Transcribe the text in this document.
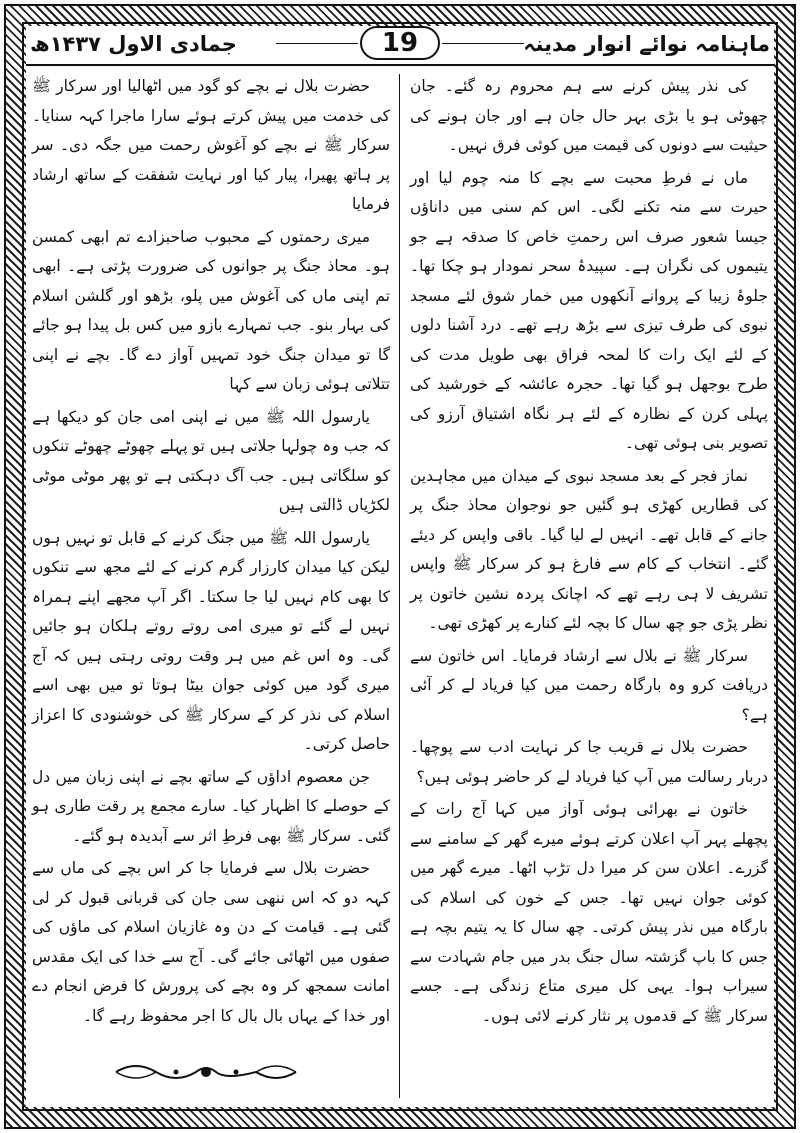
جمادی الاول ۱۴۳۷ھ	19	ماہنامہ نوائے انوار مدینہ

کی نذر پیش کرنے سے ہم محروم رہ گئے۔ جان چھوٹی ہو یا بڑی بہر حال جان ہے اور جان ہونے کی حیثیت سے دونوں کی قیمت میں کوئی فرق نہیں۔

ماں نے فرطِ محبت سے بچے کا منہ چوم لیا اور حیرت سے منہ تکنے لگی۔ اس کم سنی میں داناؤں جیسا شعور صرف اس رحمتِ خاص کا صدقہ ہے جو یتیموں کی نگران ہے۔ سپیدۂ سحر نمودار ہو چکا تھا۔ جلوۂ زیبا کے پروانے آنکھوں میں خمار شوق لئے مسجد نبوی کی طرف تیزی سے بڑھ رہے تھے۔ درد آشنا دلوں کے لئے ایک رات کا لمحہ فراق بھی طویل مدت کی طرح بوجھل ہو گیا تھا۔ حجرہ عائشہ کے خورشید کی پہلی کرن کے نظارہ کے لئے ہر نگاہ اشتیاق آرزو کی تصویر بنی ہوئی تھی۔

نماز فجر کے بعد مسجد نبوی کے میدان میں مجاہدین کی قطاریں کھڑی ہو گئیں جو نوجوان محاذ جنگ پر جانے کے قابل تھے۔ انہیں لے لیا گیا۔ باقی واپس کر دیئے گئے۔ انتخاب کے کام سے فارغ ہو کر سرکار ﷺ واپس تشریف لا ہی رہے تھے کہ اچانک پردہ نشین خاتون پر نظر پڑی جو چھ سال کا بچہ لئے کنارے پر کھڑی تھی۔

سرکار ﷺ نے بلال سے ارشاد فرمایا۔ اس خاتون سے دریافت کرو وہ بارگاہ رحمت میں کیا فریاد لے کر آئی ہے؟

حضرت بلال نے قریب جا کر نہایت ادب سے پوچھا۔ دربار رسالت میں آپ کیا فریاد لے کر حاضر ہوئی ہیں؟

خاتون نے بھرائی ہوئی آواز میں کہا آج رات کے پچھلے پہر آپ اعلان کرتے ہوئے میرے گھر کے سامنے سے گزرے۔ اعلان سن کر میرا دل تڑپ اٹھا۔ میرے گھر میں کوئی جوان نہیں تھا۔ جس کے خون کی اسلام کی بارگاہ میں نذر پیش کرتی۔ چھ سال کا یہ یتیم بچہ ہے جس کا باپ گزشتہ سال جنگ بدر میں جام شہادت سے سیراب ہوا۔ یہی کل میری متاع زندگی ہے۔ جسے سرکار ﷺ کے قدموں پر نثار کرنے لائی ہوں۔

حضرت بلال نے بچے کو گود میں اٹھالیا اور سرکار ﷺ کی خدمت میں پیش کرتے ہوئے سارا ماجرا کہہ سنایا۔ سرکار ﷺ نے بچے کو آغوش رحمت میں جگہ دی۔ سر پر ہاتھ پھیرا، پیار کیا اور نہایت شفقت کے ساتھ ارشاد فرمایا

میری رحمتوں کے محبوب صاحبزادے تم ابھی کمسن ہو۔ محاذ جنگ پر جوانوں کی ضرورت پڑتی ہے۔ ابھی تم اپنی ماں کی آغوش میں پلو، بڑھو اور گلشن اسلام کی بہار بنو۔ جب تمہارے بازو میں کس بل پیدا ہو جائے گا تو میدان جنگ خود تمہیں آواز دے گا۔ بچے نے اپنی تتلاتی ہوئی زبان سے کہا

یارسول اللہ ﷺ میں نے اپنی امی جان کو دیکھا ہے کہ جب وہ چولہا جلاتی ہیں تو پہلے چھوٹے چھوٹے تنکوں کو سلگاتی ہیں۔ جب آگ دہکتی ہے تو پھر موٹی موٹی لکڑیاں ڈالتی ہیں

یارسول اللہ ﷺ میں جنگ کرنے کے قابل تو نہیں ہوں لیکن کیا میدان کارزار گرم کرنے کے لئے مجھ سے تنکوں کا بھی کام نہیں لیا جا سکتا۔ اگر آپ مجھے اپنے ہمراہ نہیں لے گئے تو میری امی روتے روتے ہلکان ہو جائیں گی۔ وہ اس غم میں ہر وقت روتی رہتی ہیں کہ آج میری گود میں کوئی جوان بیٹا ہوتا تو میں بھی اسے اسلام کی نذر کر کے سرکار ﷺ کی خوشنودی کا اعزاز حاصل کرتی۔

جن معصوم اداؤں کے ساتھ بچے نے اپنی زبان میں دل کے حوصلے کا اظہار کیا۔ سارے مجمع پر رقت طاری ہو گئی۔ سرکار ﷺ بھی فرطِ اثر سے آبدیدہ ہو گئے۔

حضرت بلال سے فرمایا جا کر اس بچے کی ماں سے کہہ دو کہ اس ننھی سی جان کی قربانی قبول کر لی گئی ہے۔ قیامت کے دن وہ غازیان اسلام کی ماؤں کی صفوں میں اٹھائی جائے گی۔ آج سے خدا کی ایک مقدس امانت سمجھ کر وہ بچے کی پرورش کا فرض انجام دے اور خدا کے یہاں بال بال کا اجر محفوظ رہے گا۔
